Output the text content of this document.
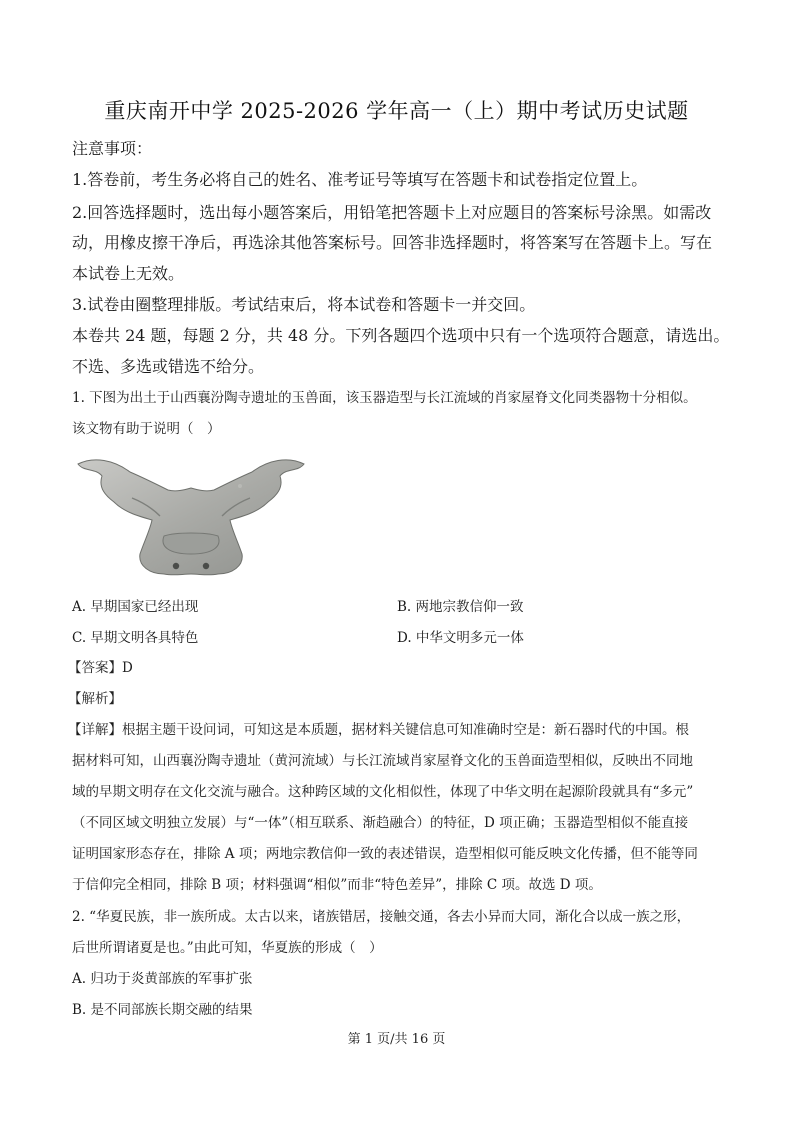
重庆南开中学 2025-2026 学年高一（上）期中考试历史试题
注意事项：
1.答卷前，考生务必将自己的姓名、准考证号等填写在答题卡和试卷指定位置上。
2.回答选择题时，选出每小题答案后，用铅笔把答题卡上对应题目的答案标号涂黑。如需改
动，用橡皮擦干净后，再选涂其他答案标号。回答非选择题时，将答案写在答题卡上。写在
本试卷上无效。
3.试卷由圈整理排版。考试结束后，将本试卷和答题卡一并交回。
本卷共 24 题，每题 2 分，共 48 分。下列各题四个选项中只有一个选项符合题意，请选出。
不选、多选或错选不给分。
1. 下图为出土于山西襄汾陶寺遗址的玉兽面，该玉器造型与长江流域的肖家屋脊文化同类器物十分相似。
该文物有助于说明（　）
A. 早期国家已经出现	B. 两地宗教信仰一致
C. 早期文明各具特色	D. 中华文明多元一体
【答案】D
【解析】
【详解】根据主题干设问词，可知这是本质题，据材料关键信息可知准确时空是：新石器时代的中国。根
据材料可知，山西襄汾陶寺遗址（黄河流域）与长江流域肖家屋脊文化的玉兽面造型相似，反映出不同地
域的早期文明存在文化交流与融合。这种跨区域的文化相似性，体现了中华文明在起源阶段就具有“多元”
（不同区域文明独立发展）与“一体”（相互联系、渐趋融合）的特征，D 项正确；玉器造型相似不能直接
证明国家形态存在，排除 A 项；两地宗教信仰一致的表述错误，造型相似可能反映文化传播，但不能等同
于信仰完全相同，排除 B 项；材料强调“相似”而非“特色差异”，排除 C 项。故选 D 项。
2. “华夏民族，非一族所成。太古以来，诸族错居，接触交通，各去小异而大同，渐化合以成一族之形，
后世所谓诸夏是也。”由此可知，华夏族的形成（　）
A. 归功于炎黄部族的军事扩张
B. 是不同部族长期交融的结果
第 1 页/共 16 页
